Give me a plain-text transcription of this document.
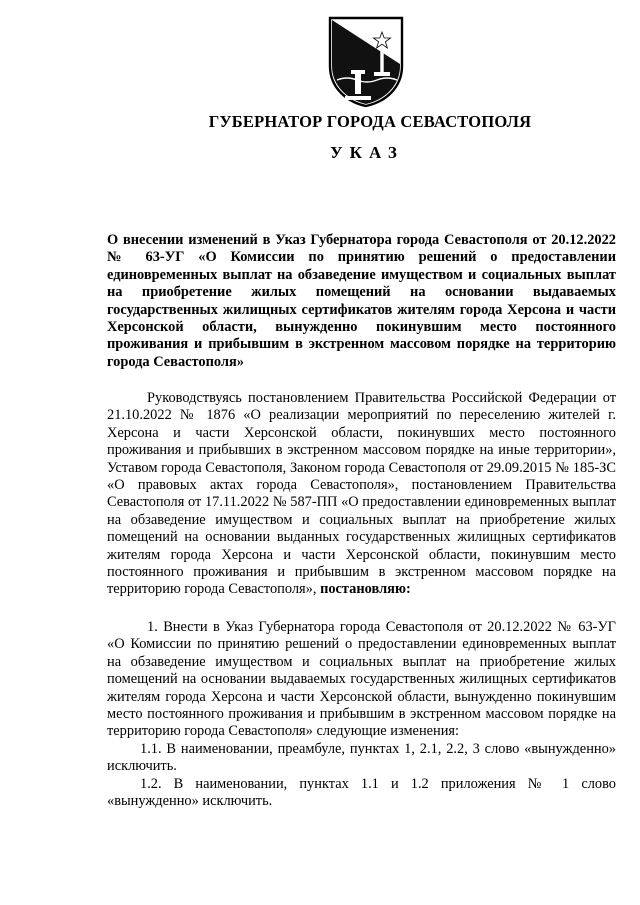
ГУБЕРНАТОР ГОРОДА СЕВАСТОПОЛЯ
УКАЗ
О внесении изменений в Указ Губернатора города Севастополя от 20.12.2022 № 63-УГ «О Комиссии по принятию решений о предоставлении единовременных выплат на обзаведение имуществом и социальных выплат на приобретение жилых помещений на основании выдаваемых государственных жилищных сертификатов жителям города Херсона и части Херсонской области, вынужденно покинувшим место постоянного проживания и прибывшим в экстренном массовом порядке на территорию города Севастополя»

Руководствуясь постановлением Правительства Российской Федерации от 21.10.2022 № 1876 «О реализации мероприятий по переселению жителей г. Херсона и части Херсонской области, покинувших место постоянного проживания и прибывших в экстренном массовом порядке на иные территории», Уставом города Севастополя, Законом города Севастополя от 29.09.2015 № 185-ЗС «О правовых актах города Севастополя», постановлением Правительства Севастополя от 17.11.2022 № 587-ПП «О предоставлении единовременных выплат на обзаведение имуществом и социальных выплат на приобретение жилых помещений на основании выданных государственных жилищных сертификатов жителям города Херсона и части Херсонской области, покинувшим место постоянного проживания и прибывшим в экстренном массовом порядке на территорию города Севастополя», постановляю:

1. Внести в Указ Губернатора города Севастополя от 20.12.2022 № 63-УГ «О Комиссии по принятию решений о предоставлении единовременных выплат на обзаведение имуществом и социальных выплат на приобретение жилых помещений на основании выдаваемых государственных жилищных сертификатов жителям города Херсона и части Херсонской области, вынужденно покинувшим место постоянного проживания и прибывшим в экстренном массовом порядке на территорию города Севастополя» следующие изменения:

1.1. В наименовании, преамбуле, пунктах 1, 2.1, 2.2, 3 слово «вынужденно» исключить.

1.2. В наименовании, пунктах 1.1 и 1.2 приложения № 1 слово «вынужденно» исключить.
